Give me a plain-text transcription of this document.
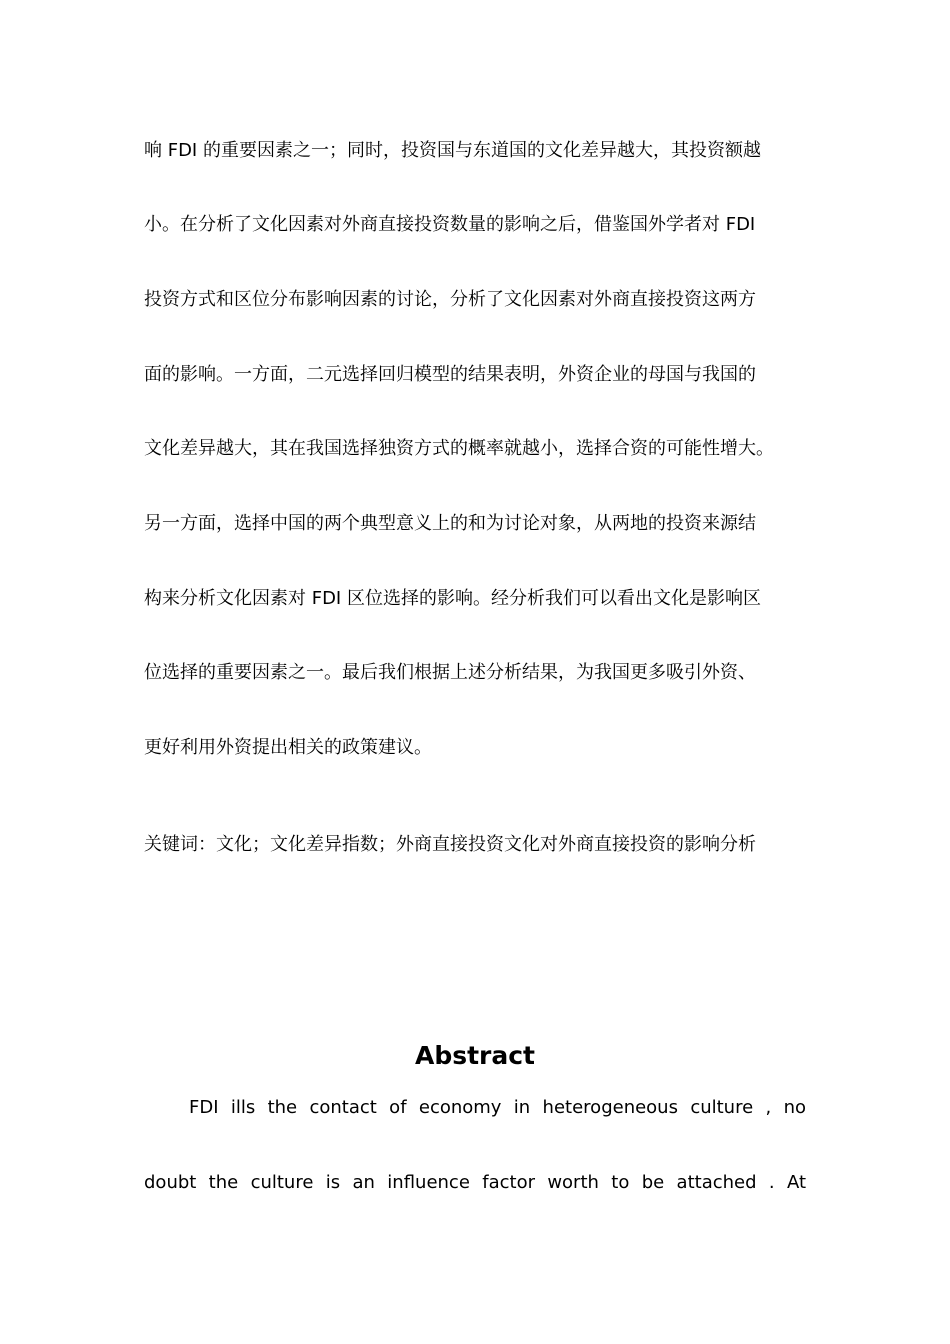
响 FDI 的重要因素之一；同时，投资国与东道国的文化差异越大，其投资额越
小。在分析了文化因素对外商直接投资数量的影响之后，借鉴国外学者对 FDI
投资方式和区位分布影响因素的讨论，分析了文化因素对外商直接投资这两方
面的影响。一方面，二元选择回归模型的结果表明，外资企业的母国与我国的
文化差异越大，其在我国选择独资方式的概率就越小，选择合资的可能性增大。
另一方面，选择中国的两个典型意义上的和为讨论对象，从两地的投资来源结
构来分析文化因素对 FDI 区位选择的影响。经分析我们可以看出文化是影响区
位选择的重要因素之一。最后我们根据上述分析结果，为我国更多吸引外资、
更好利用外资提出相关的政策建议。
关键词：文化；文化差异指数；外商直接投资文化对外商直接投资的影响分析
Abstract
FDI ills the contact of economy in heterogeneous culture , no
doubt the culture is an influence factor worth to be attached . At
